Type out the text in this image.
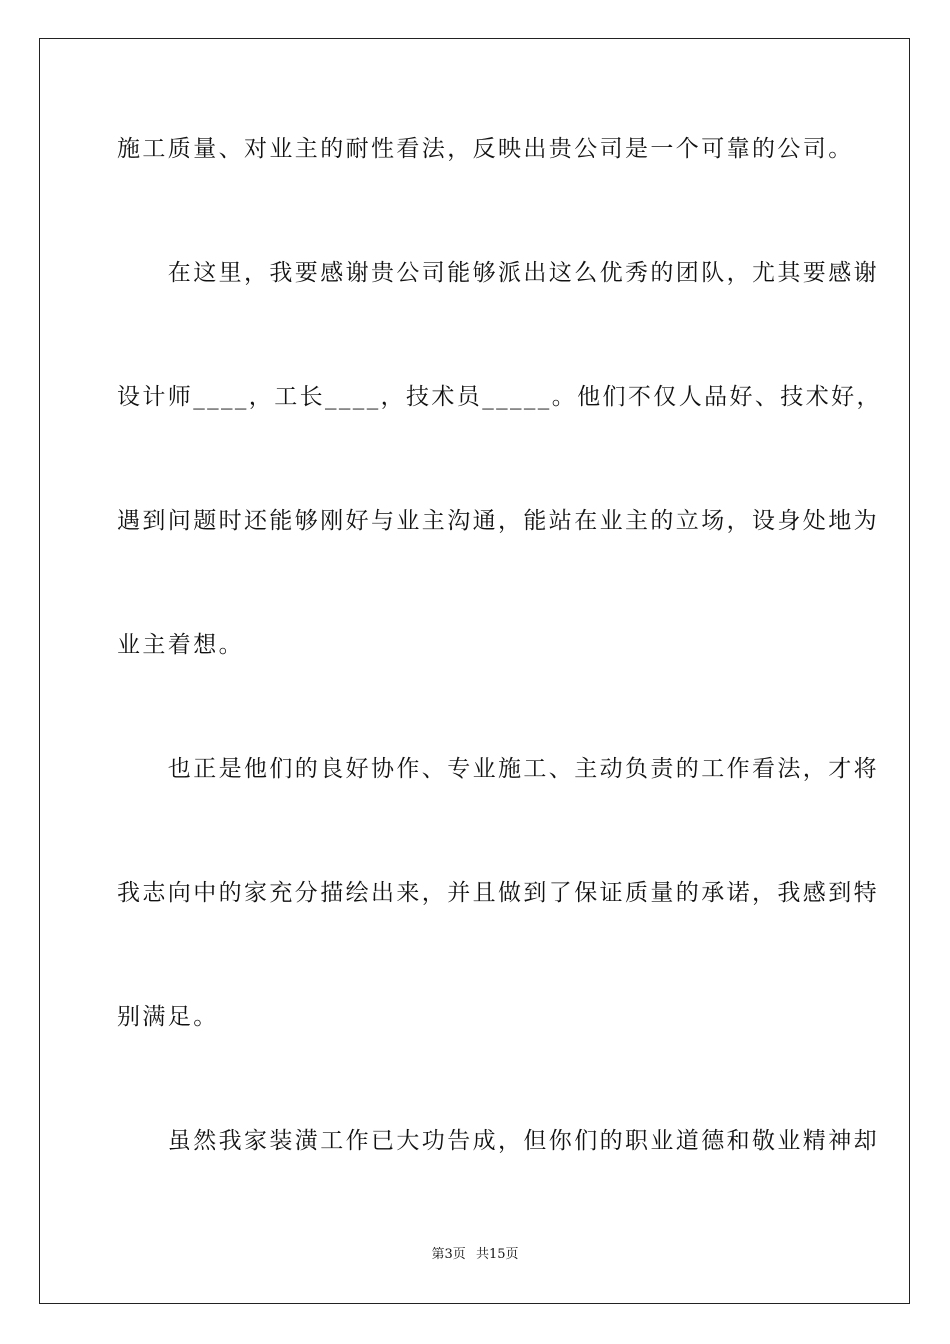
施工质量、对业主的耐性看法，反映出贵公司是一个可靠的公司。
　　在这里，我要感谢贵公司能够派出这么优秀的团队，尤其要感谢
设计师____，工长____，技术员_____。他们不仅人品好、技术好，
遇到问题时还能够刚好与业主沟通，能站在业主的立场，设身处地为
业主着想。
　　也正是他们的良好协作、专业施工、主动负责的工作看法，才将
我志向中的家充分描绘出来，并且做到了保证质量的承诺，我感到特
别满足。
　　虽然我家装潢工作已大功告成，但你们的职业道德和敬业精神却
第3页 共15页
